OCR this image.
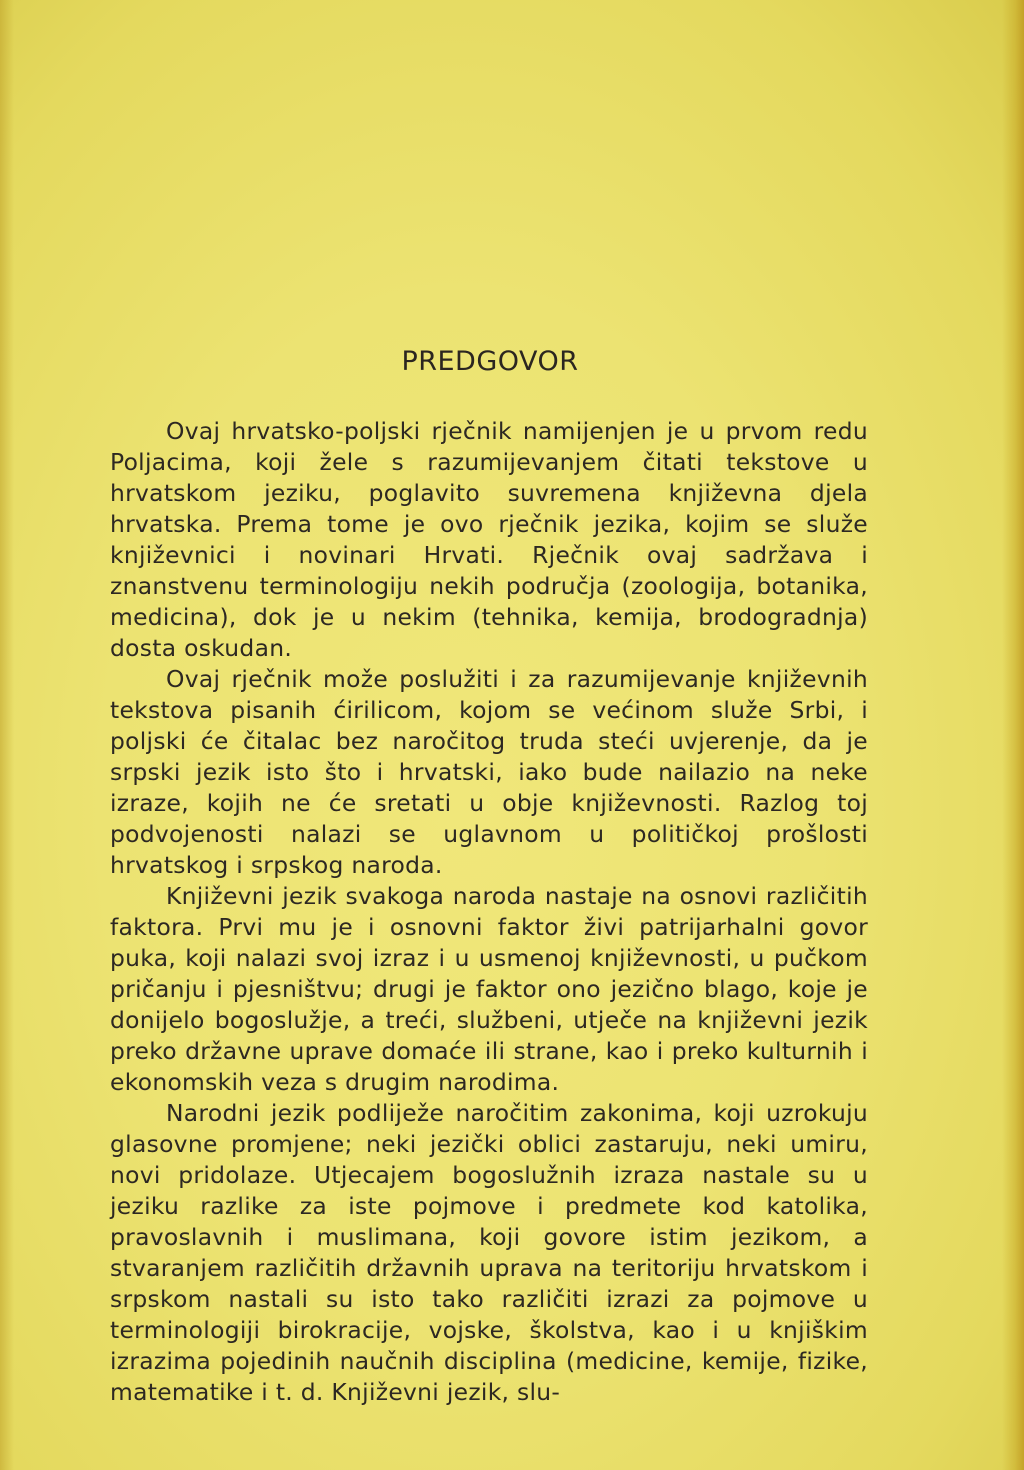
PREDGOVOR

Ovaj hrvatsko-poljski rječnik namijenjen je u prvom redu Poljacima, koji žele s razumijevanjem čitati tekstove u hrvatskom jeziku, poglavito suvremena književna djela hrvatska. Prema tome je ovo rječnik jezika, kojim se služe književnici i novinari Hrvati. Rječnik ovaj sadržava i znanstvenu terminologiju nekih područja (zoologija, botanika, medicina), dok je u nekim (tehnika, kemija, brodogradnja) dosta oskudan.

Ovaj rječnik može poslužiti i za razumijevanje književnih tekstova pisanih ćirilicom, kojom se većinom služe Srbi, i poljski će čitalac bez naročitog truda steći uvjerenje, da je srpski jezik isto što i hrvatski, iako bude nailazio na neke izraze, kojih ne će sretati u obje književnosti. Razlog toj podvojenosti nalazi se uglavnom u političkoj prošlosti hrvatskog i srpskog naroda.

Književni jezik svakoga naroda nastaje na osnovi različitih faktora. Prvi mu je i osnovni faktor živi patrijarhalni govor puka, koji nalazi svoj izraz i u usmenoj književnosti, u pučkom pričanju i pjesništvu; drugi je faktor ono jezično blago, koje je donijelo bogoslužje, a treći, službeni, utječe na književni jezik preko državne uprave domaće ili strane, kao i preko kulturnih i ekonomskih veza s drugim narodima.

Narodni jezik podliježe naročitim zakonima, koji uzrokuju glasovne promjene; neki jezički oblici zastaruju, neki umiru, novi pridolaze. Utjecajem bogoslužnih izraza nastale su u jeziku razlike za iste pojmove i predmete kod katolika, pravoslavnih i muslimana, koji govore istim jezikom, a stvaranjem različitih državnih uprava na teritoriju hrvatskom i srpskom nastali su isto tako različiti izrazi za pojmove u terminologiji birokracije, vojske, školstva, kao i u knjiškim izrazima pojedinih naučnih disciplina (medicine, kemije, fizike, matematike i t. d. Književni jezik, slu-
